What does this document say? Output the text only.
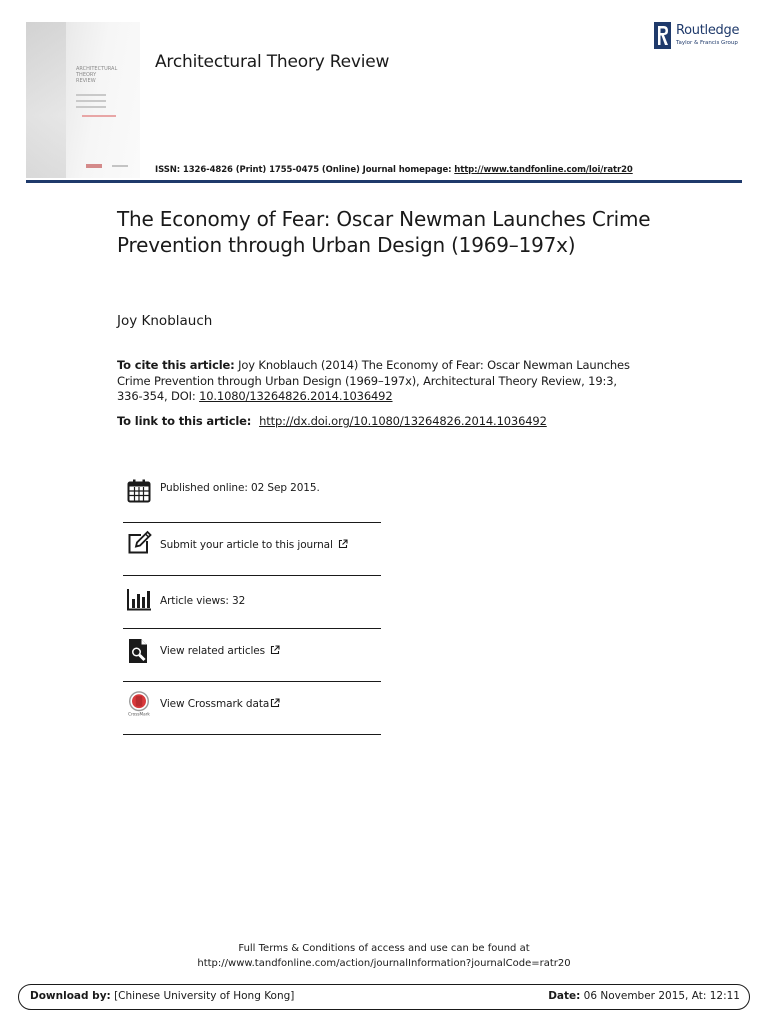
ARCHITECTURAL
THEORY
REVIEW
Architectural Theory Review
ISSN: 1326-4826 (Print) 1755-0475 (Online) Journal homepage: http://www.tandfonline.com/loi/ratr20
Routledge
Taylor & Francis Group
The Economy of Fear: Oscar Newman Launches Crime Prevention through Urban Design (1969–197x)
Joy Knoblauch
To cite this article: Joy Knoblauch (2014) The Economy of Fear: Oscar Newman Launches Crime Prevention through Urban Design (1969–197x), Architectural Theory Review, 19:3, 336-354, DOI: 10.1080/13264826.2014.1036492
To link to this article: http://dx.doi.org/10.1080/13264826.2014.1036492
Published online: 02 Sep 2015.
Submit your article to this journal
Article views: 32
View related articles
CrossMark
View Crossmark data
Full Terms & Conditions of access and use can be found at
http://www.tandfonline.com/action/journalInformation?journalCode=ratr20
Download by: [Chinese University of Hong Kong]	Date: 06 November 2015, At: 12:11
